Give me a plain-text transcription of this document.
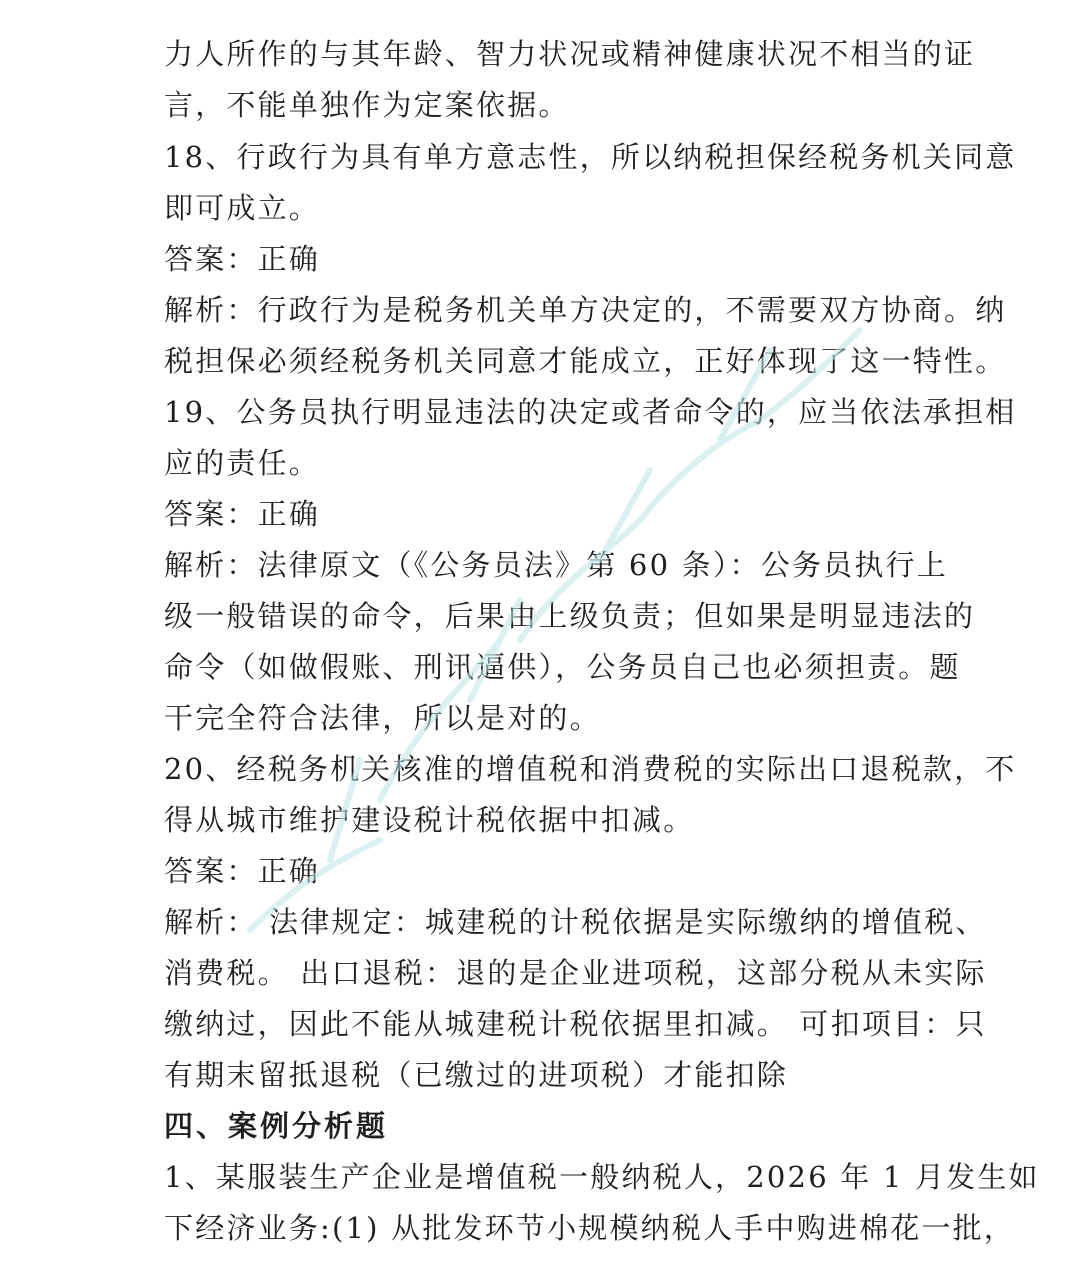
力人所作的与其年龄、智力状况或精神健康状况不相当的证
言，不能单独作为定案依据。
18、行政行为具有单方意志性，所以纳税担保经税务机关同意
即可成立。
答案：正确
解析：行政行为是税务机关单方决定的，不需要双方协商。纳
税担保必须经税务机关同意才能成立，正好体现了这一特性。
19、公务员执行明显违法的决定或者命令的，应当依法承担相
应的责任。
答案：正确
解析：法律原文（《公务员法》第 60 条）：公务员执行上
级一般错误的命令，后果由上级负责；但如果是明显违法的
命令（如做假账、刑讯逼供），公务员自己也必须担责。题
干完全符合法律，所以是对的。
20、经税务机关核准的增值税和消费税的实际出口退税款，不
得从城市维护建设税计税依据中扣减。
答案：正确
解析： 法律规定：城建税的计税依据是实际缴纳的增值税、
消费税。 出口退税：退的是企业进项税，这部分税从未实际
缴纳过，因此不能从城建税计税依据里扣减。 可扣项目：只
有期末留抵退税（已缴过的进项税）才能扣除
四、案例分析题
1、某服装生产企业是增值税一般纳税人，2026 年 1 月发生如
下经济业务:(1) 从批发环节小规模纳税人手中购进棉花一批，
